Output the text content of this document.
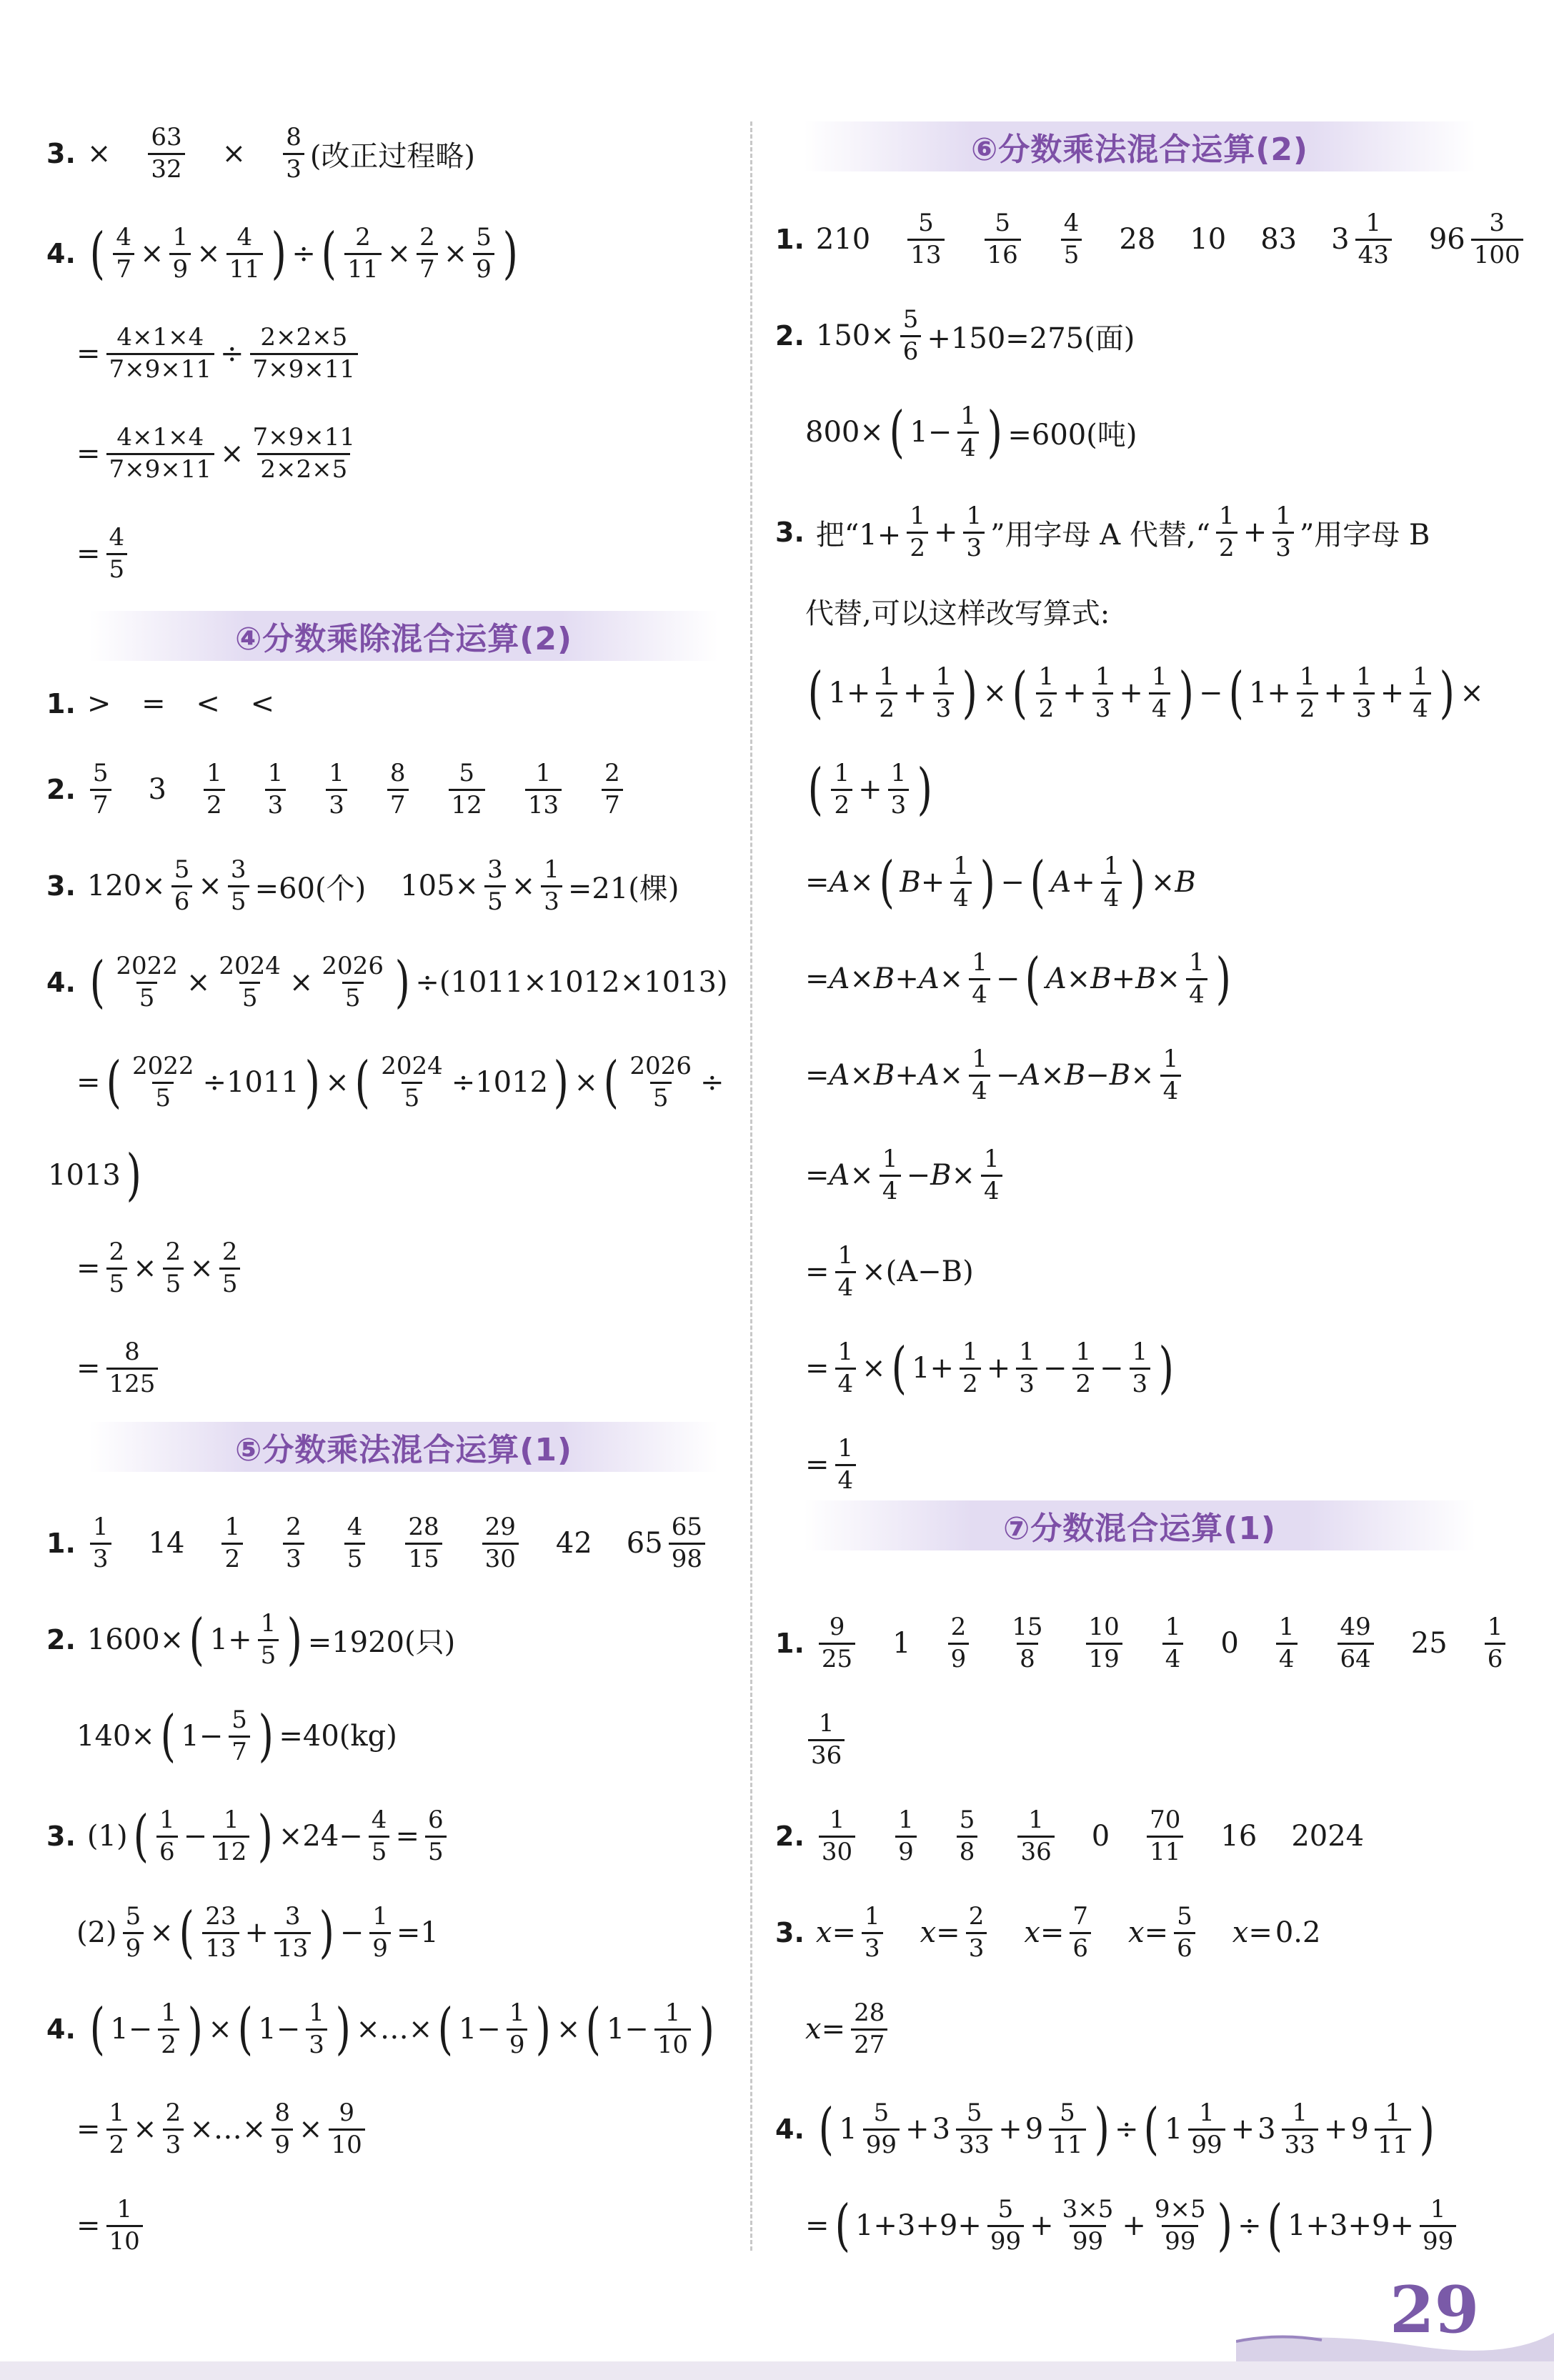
3. × $\frac{63}{32} \times \frac{8}{3}$ (改正过程略)
4. ( $\frac{4}{7} \times \frac{1}{9} \times \frac{4}{11}$ ) ÷ ( $\frac{2}{11} \times \frac{2}{7} \times \frac{5}{9}$ )
= $\frac{4\times 1\times 4}{7\times 9\times 11} \div \frac{2\times 2\times 5}{7\times 9\times 11}$
= $\frac{4\times 1\times 4}{7\times 9\times 11} \times \frac{7\times 9\times 11}{2\times 2\times 5}$
= $\frac{4}{5}$
④分数乘除混合运算(2)
1. > = < <
2. $\frac{5}{7} 3 \frac{1}{2} \frac{1}{3} \frac{1}{3} \frac{8}{7} \frac{5}{12} \frac{1}{13} \frac{2}{7}$
3. $120\times \frac{5}{6} \times \frac{3}{5} =60$(个) $105\times \frac{3}{5} \times \frac{1}{3} =21$(棵)
4. ( $\frac{2022}{5} \times \frac{2024}{5} \times \frac{2026}{5}$ ) ÷(1011×1012×1013)
= ( $\frac{2022}{5} \div 1011$ ) × ( $\frac{2024}{5} \div 1012$ ) × ( $\frac{2026}{5}$ ÷
1013 )
= $\frac{2}{5} \times \frac{2}{5} \times \frac{2}{5}$
= $\frac{8}{125}$
⑤分数乘法混合运算(1)
1. $\frac{1}{3} 14 \frac{1}{2} \frac{2}{3} \frac{4}{5} \frac{28}{15} \frac{29}{30} 42$ $65 \frac{65}{98}$
2. 1600× ( $1+ \frac{1}{5}$ ) =1920(只)
140× ( $1- \frac{5}{7}$ ) =40(kg)
3. (1) ( $\frac{1}{6} - \frac{1}{12}$ ) $\times 24- \frac{4}{5} = \frac{6}{5}$
$(2) \frac{5}{9}$ × ( $\frac{23}{13} + \frac{3}{13}$ ) − $\frac{1}{9} =1$
4. ( $1- \frac{1}{2}$ ) × ( $1- \frac{1}{3}$ ) ×…× ( $1- \frac{1}{9}$ ) × ( $1- \frac{1}{10}$ )
= $\frac{1}{2} \times \frac{2}{3}$ ×…× $\frac{8}{9} \times \frac{9}{10}$
= $\frac{1}{10}$
⑥分数乘法混合运算(2)
1. $210 \frac{5}{13} \frac{5}{16} \frac{4}{5} 28$ 10 83 $3 \frac{1}{43} 96 \frac{3}{100}$
2. $150\times \frac{5}{6} +150=275$(面)
800× ( $1- \frac{1}{4}$ ) =600(吨)
3. 把“$1+ \frac{1}{2} + \frac{1}{3}$ ”用字母 A 代替,“ $\frac{1}{2} + \frac{1}{3}$ ”用字母 B
代替,可以这样改写算式:
( $1+ \frac{1}{2} + \frac{1}{3}$ ) × ( $\frac{1}{2} + \frac{1}{3} + \frac{1}{4}$ ) − ( $1+ \frac{1}{2} + \frac{1}{3} + \frac{1}{4}$ ) ×
( $\frac{1}{2} + \frac{1}{3}$ )
=A× ( $B+ \frac{1}{4}$ ) − ( $A+ \frac{1}{4}$ ) ×B
$=A\times B+A\times \frac{1}{4}$ − ( $A\times B+B\times \frac{1}{4}$ )
$=A\times B+A\times \frac{1}{4} -A\times B-B\times \frac{1}{4}$
$=A\times \frac{1}{4} -B\times \frac{1}{4}$
= $\frac{1}{4} \times(A-B)$
= $\frac{1}{4}$ × ( $1+ \frac{1}{2} + \frac{1}{3} - \frac{1}{2} - \frac{1}{3}$ )
= $\frac{1}{4}$
⑦分数混合运算(1)
1. $\frac{9}{25} 1 \frac{2}{9} \frac{15}{8} \frac{10}{19} \frac{1}{4} 0 \frac{1}{4} \frac{49}{64} 25 \frac{1}{6}$
$\frac{1}{36}$
2. $\frac{1}{30} \frac{1}{9} \frac{5}{8} \frac{1}{36} 0 \frac{70}{11} 16$ 2024
3. $x= \frac{1}{3} x= \frac{2}{3} x= \frac{7}{6} x= \frac{5}{6} x= 0.2$
$x= \frac{28}{27}$
4. ( $1 \frac{5}{99} + 3 \frac{5}{33} + 9 \frac{5}{11}$ ) ÷ ( $1 \frac{1}{99} + 3 \frac{1}{33} + 9 \frac{1}{11}$ )
= ( $1+3+9+ \frac{5}{99} + \frac{3\times 5}{99} + \frac{9\times 5}{99}$ ) ÷ ( $1+3+9+ \frac{1}{99}$
29
